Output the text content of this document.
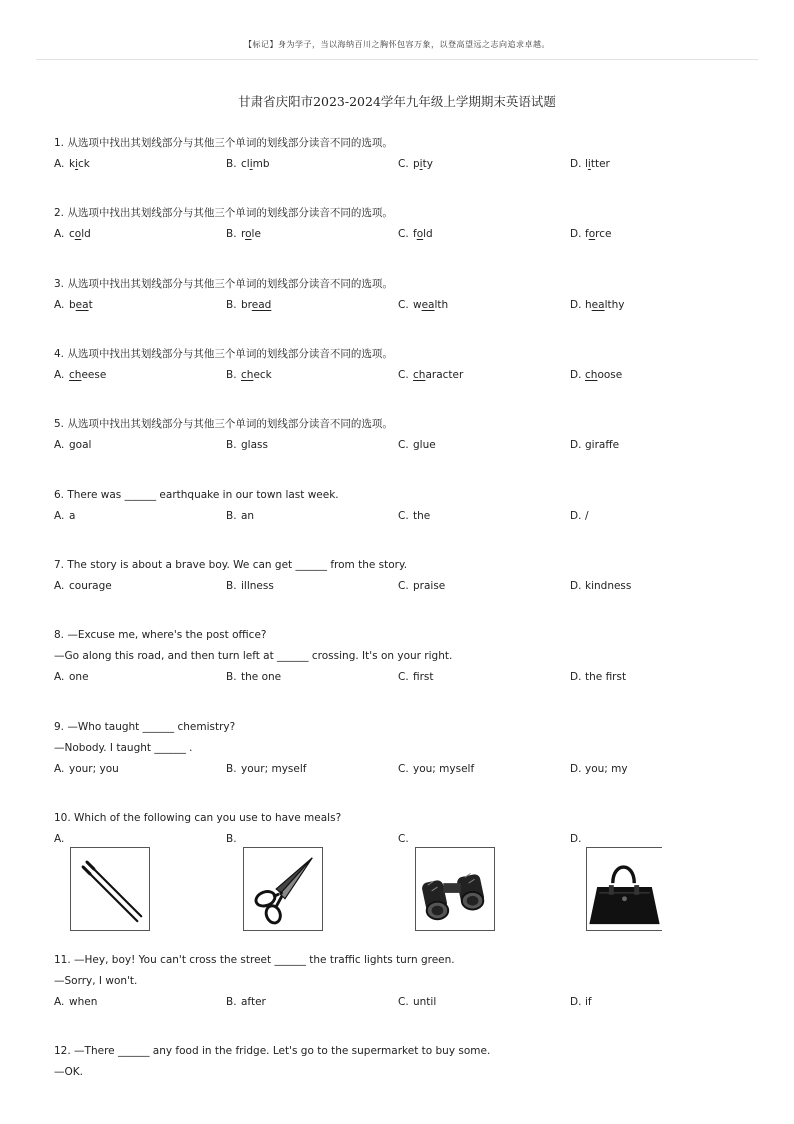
【标记】身为学子，当以海纳百川之胸怀包容万象，以登高望远之志向追求卓越。
甘肃省庆阳市2023-2024学年九年级上学期期末英语试题
1. 从选项中找出其划线部分与其他三个单词的划线部分读音不同的选项。
A. kick	B. climb	C. pity	D. litter
2. 从选项中找出其划线部分与其他三个单词的划线部分读音不同的选项。
A. cold	B. role	C. fold	D. force
3. 从选项中找出其划线部分与其他三个单词的划线部分读音不同的选项。
A. beat	B. bread	C. wealth	D. healthy
4. 从选项中找出其划线部分与其他三个单词的划线部分读音不同的选项。
A. cheese	B. check	C. character	D. choose
5. 从选项中找出其划线部分与其他三个单词的划线部分读音不同的选项。
A. goal	B. glass	C. glue	D. giraffe
6. There was ______ earthquake in our town last week.
A. a	B. an	C. the	D. /
7. The story is about a brave boy. We can get ______ from the story.
A. courage	B. illness	C. praise	D. kindness
8. —Excuse me, where's the post office?
—Go along this road, and then turn left at ______ crossing. It's on your right.
A. one	B. the one	C. first	D. the first
9. —Who taught ______ chemistry?
—Nobody. I taught ______ .
A. your; you	B. your; myself	C. you; myself	D. you; my
10. Which of the following can you use to have meals?
A.	B.	C.	D.
11. —Hey, boy! You can't cross the street ______ the traffic lights turn green.
—Sorry, I won't.
A. when	B. after	C. until	D. if
12. —There ______ any food in the fridge. Let's go to the supermarket to buy some.
—OK.
